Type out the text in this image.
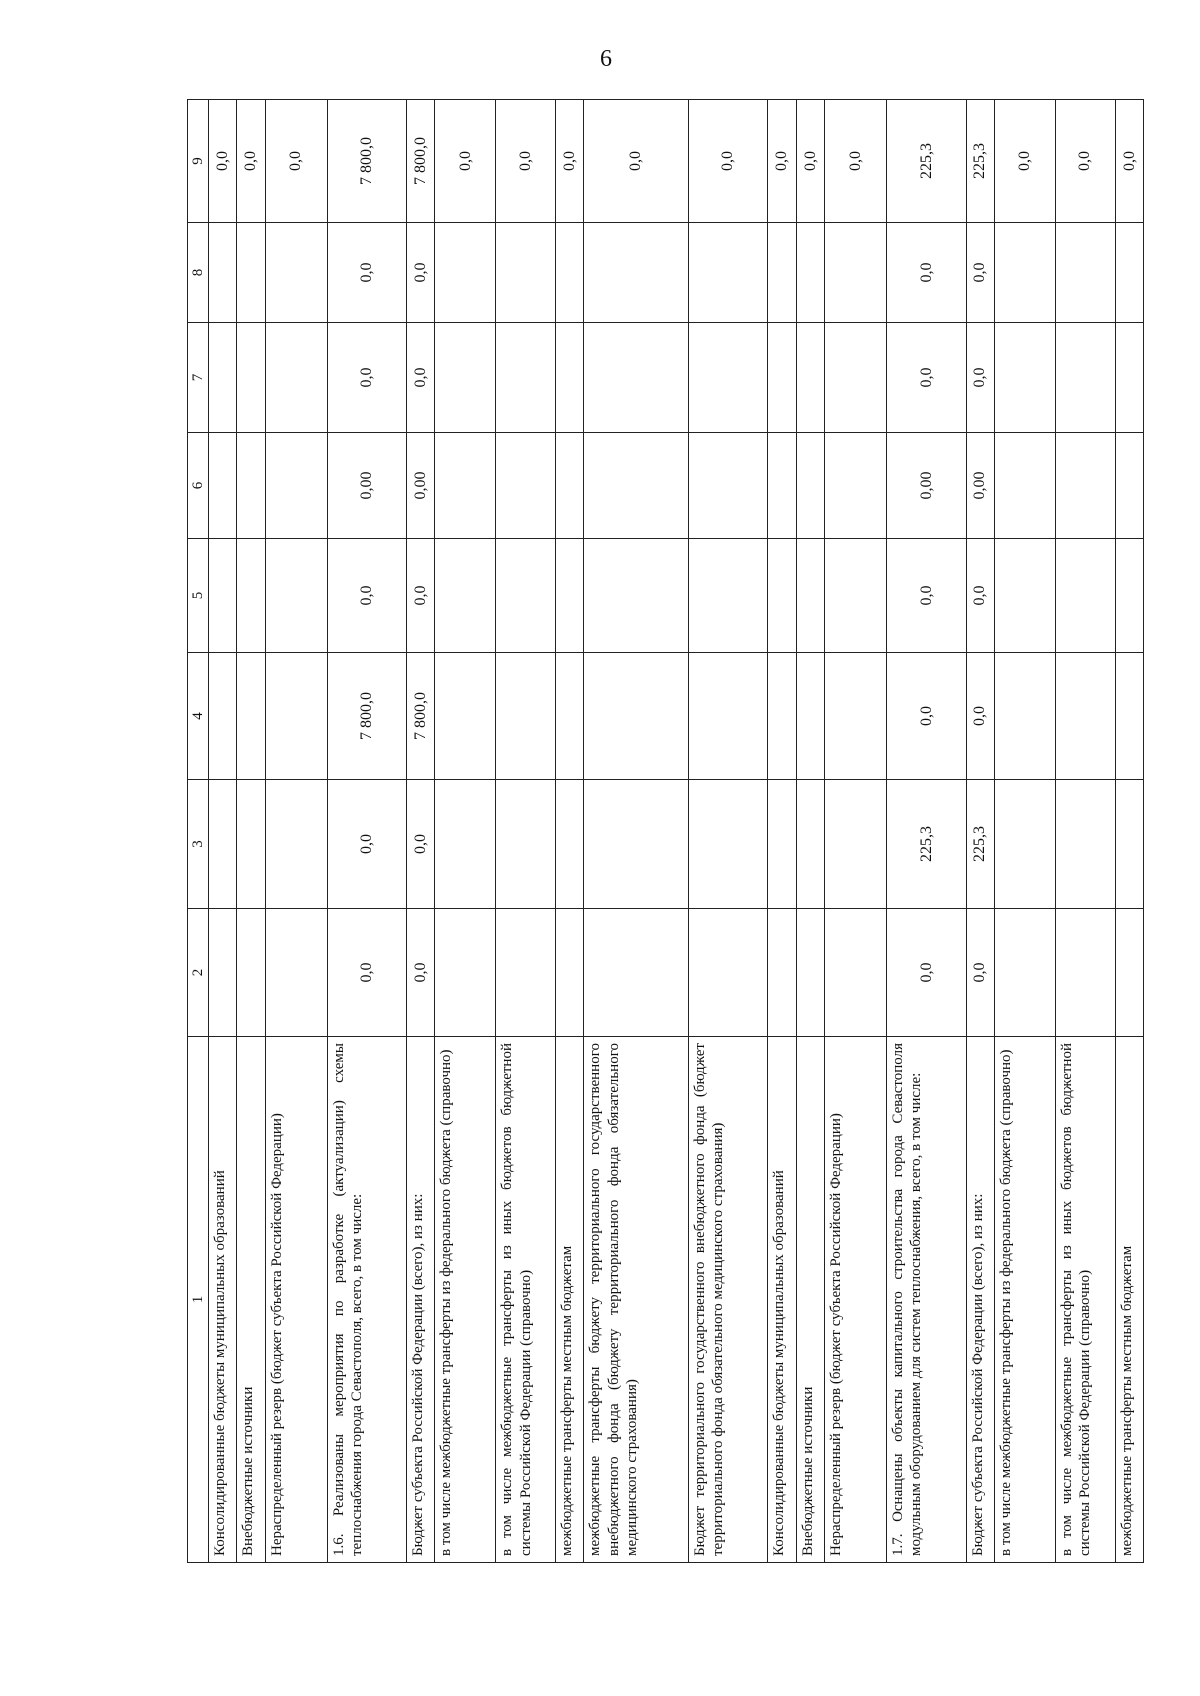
6
1	2	3	4	5	6	7	8	9
Консолидированные бюджеты муниципальных образований								0,0
Внебюджетные источники								0,0
Нераспределенный резерв (бюджет субъекта Российской Федерации)								0,0
1.6. Реализованы мероприятия по разработке (актуализации) схемы теплоснабжения города Севастополя, всего, в том числе:	0,0	0,0	7 800,0	0,0	0,00	0,0	0,0	7 800,0
Бюджет субъекта Российской Федерации (всего), из них:	0,0	0,0	7 800,0	0,0	0,00	0,0	0,0	7 800,0
в том числе межбюджетные трансферты из федерального бюджета (справочно)								0,0
в том числе межбюджетные трансферты из иных бюджетов бюджетной системы Российской Федерации (справочно)								0,0
межбюджетные трансферты местным бюджетам								0,0
межбюджетные трансферты бюджету территориального государственного внебюджетного фонда (бюджету территориального фонда обязательного медицинского страхования)								0,0
Бюджет территориального государственного внебюджетного фонда (бюджет территориального фонда обязательного медицинского страхования)								0,0
Консолидированные бюджеты муниципальных образований								0,0
Внебюджетные источники								0,0
Нераспределенный резерв (бюджет субъекта Российской Федерации)								0,0
1.7. Оснащены объекты капитального строительства города Севастополя модульным оборудованием для систем теплоснабжения, всего, в том числе:	0,0	225,3	0,0	0,0	0,00	0,0	0,0	225,3
Бюджет субъекта Российской Федерации (всего), из них:	0,0	225,3	0,0	0,0	0,00	0,0	0,0	225,3
в том числе межбюджетные трансферты из федерального бюджета (справочно)								0,0
в том числе межбюджетные трансферты из иных бюджетов бюджетной системы Российской Федерации (справочно)								0,0
межбюджетные трансферты местным бюджетам								0,0
